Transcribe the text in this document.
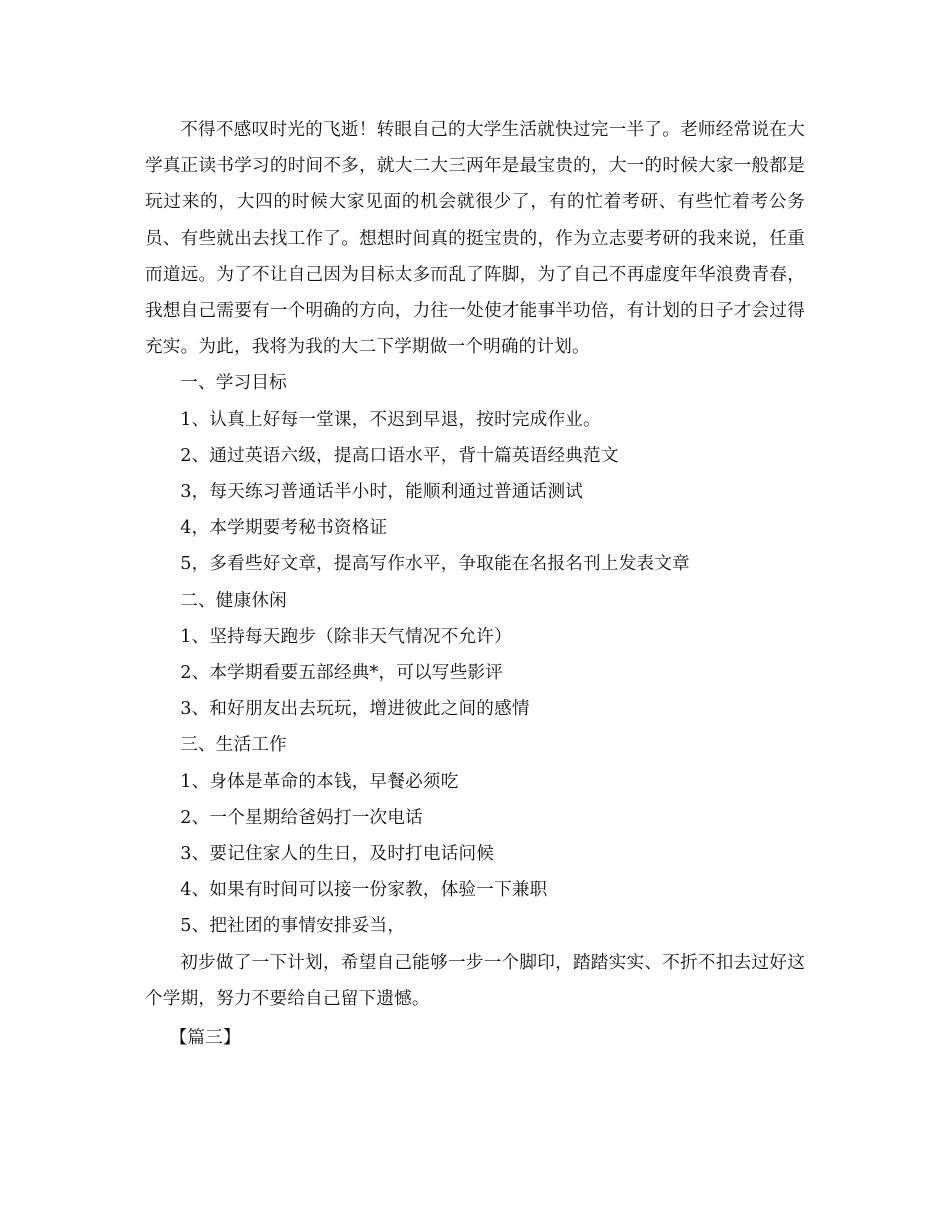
不得不感叹时光的飞逝！转眼自己的大学生活就快过完一半了。老师经常说在大学真正读书学习的时间不多，就大二大三两年是最宝贵的，大一的时候大家一般都是玩过来的，大四的时候大家见面的机会就很少了，有的忙着考研、有些忙着考公务员、有些就出去找工作了。想想时间真的挺宝贵的，作为立志要考研的我来说，任重而道远。为了不让自己因为目标太多而乱了阵脚，为了自己不再虚度年华浪费青春，我想自己需要有一个明确的方向，力往一处使才能事半功倍，有计划的日子才会过得充实。为此，我将为我的大二下学期做一个明确的计划。

一、学习目标

1、认真上好每一堂课，不迟到早退，按时完成作业。

2、通过英语六级，提高口语水平，背十篇英语经典范文

3，每天练习普通话半小时，能顺利通过普通话测试

4，本学期要考秘书资格证

5，多看些好文章，提高写作水平，争取能在名报名刊上发表文章

二、健康休闲

1、坚持每天跑步（除非天气情况不允许）

2、本学期看要五部经典*，可以写些影评

3、和好朋友出去玩玩，增进彼此之间的感情

三、生活工作

1、身体是革命的本钱，早餐必须吃

2、一个星期给爸妈打一次电话

3、要记住家人的生日，及时打电话问候

4、如果有时间可以接一份家教，体验一下兼职

5、把社团的事情安排妥当，

初步做了一下计划，希望自己能够一步一个脚印，踏踏实实、不折不扣去过好这个学期，努力不要给自己留下遗憾。

【篇三】
